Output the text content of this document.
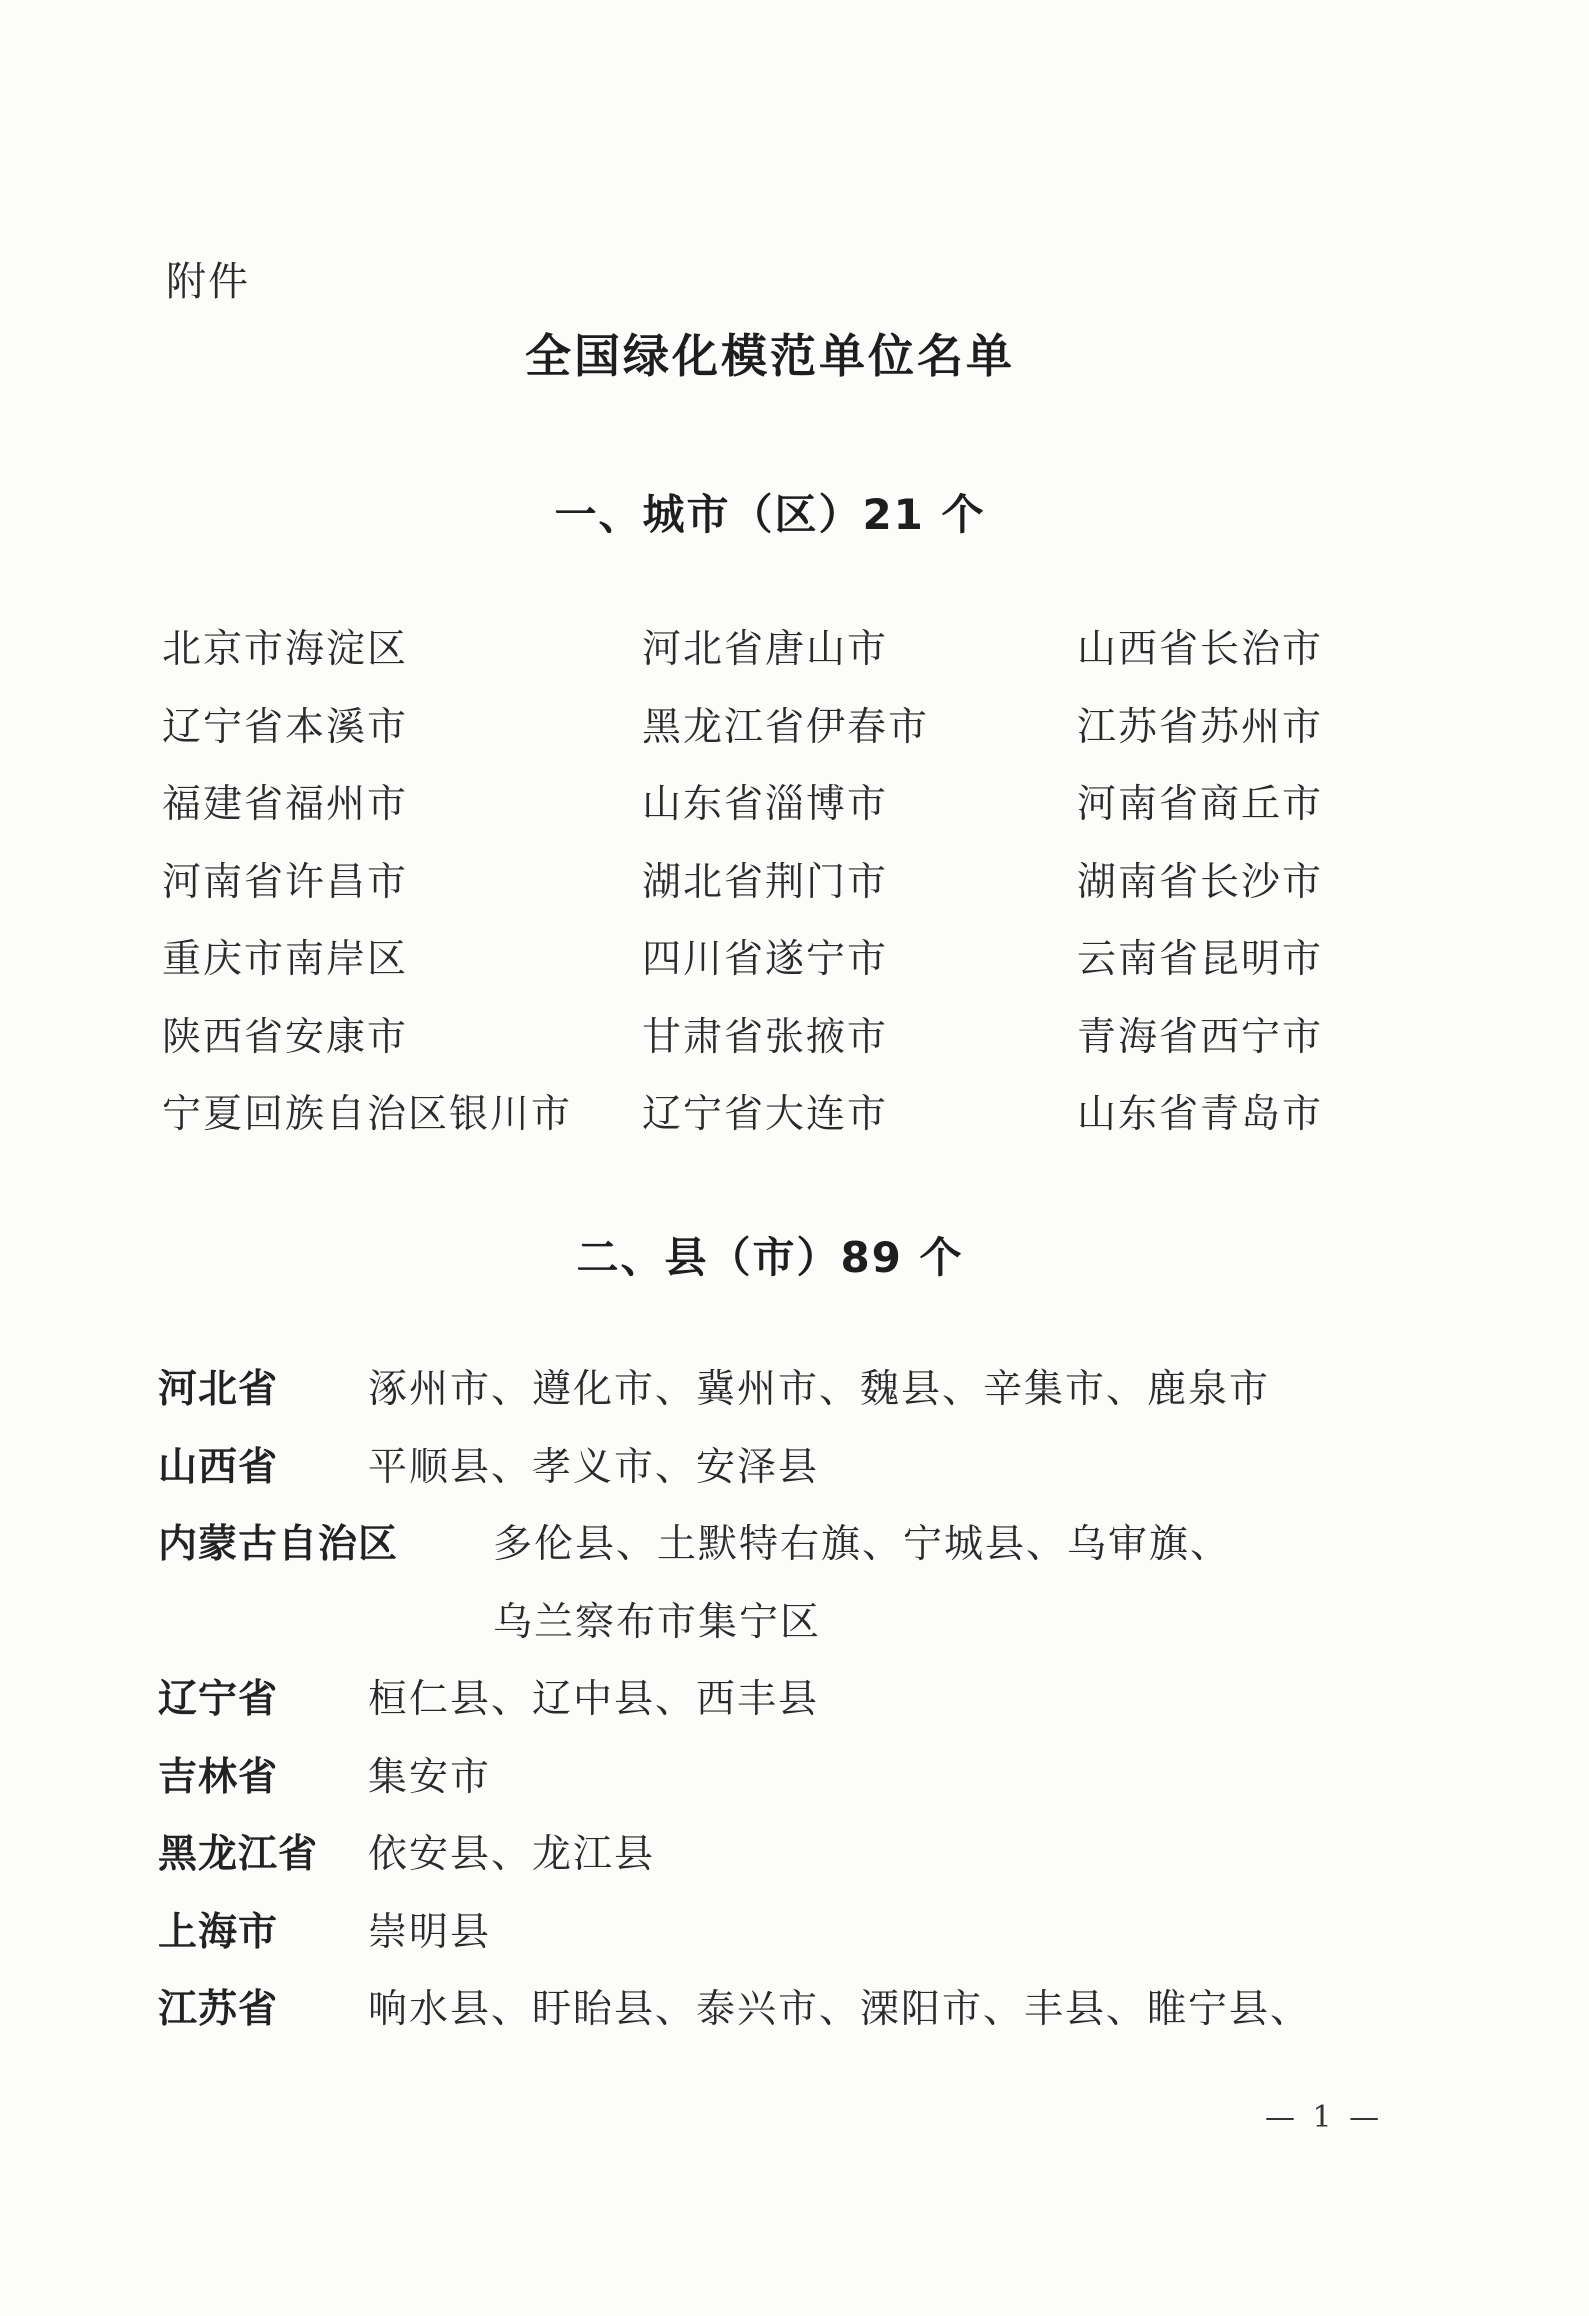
附件
全国绿化模范单位名单
一、城市（区）21 个
北京市海淀区	河北省唐山市	山西省长治市
辽宁省本溪市	黑龙江省伊春市	江苏省苏州市
福建省福州市	山东省淄博市	河南省商丘市
河南省许昌市	湖北省荆门市	湖南省长沙市
重庆市南岸区	四川省遂宁市	云南省昆明市
陕西省安康市	甘肃省张掖市	青海省西宁市
宁夏回族自治区银川市	辽宁省大连市	山东省青岛市
二、县（市）89 个
河北省 涿州市、遵化市、冀州市、魏县、辛集市、鹿泉市
山西省 平顺县、孝义市、安泽县
内蒙古自治区 多伦县、土默特右旗、宁城县、乌审旗、
乌兰察布市集宁区
辽宁省 桓仁县、辽中县、西丰县
吉林省 集安市
黑龙江省 依安县、龙江县
上海市 崇明县
江苏省 响水县、盱眙县、泰兴市、溧阳市、丰县、睢宁县、
— 1 —
